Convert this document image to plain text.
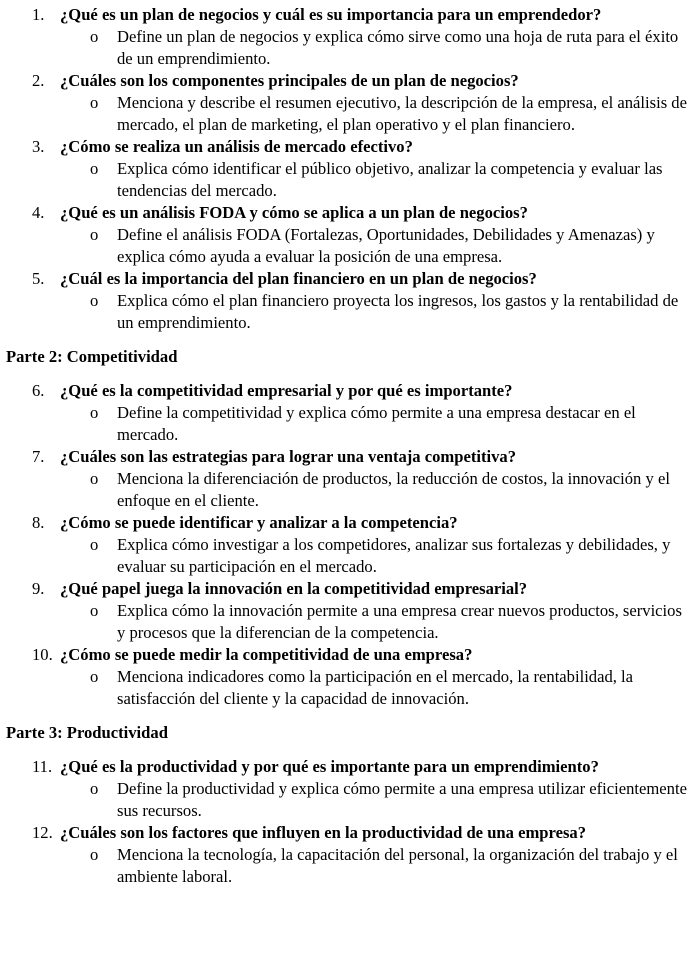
1. ¿Qué es un plan de negocios y cuál es su importancia para un emprendedor?
o Define un plan de negocios y explica cómo sirve como una hoja de ruta para el éxito de un emprendimiento.
2. ¿Cuáles son los componentes principales de un plan de negocios?
o Menciona y describe el resumen ejecutivo, la descripción de la empresa, el análisis de mercado, el plan de marketing, el plan operativo y el plan financiero.
3. ¿Cómo se realiza un análisis de mercado efectivo?
o Explica cómo identificar el público objetivo, analizar la competencia y evaluar las tendencias del mercado.
4. ¿Qué es un análisis FODA y cómo se aplica a un plan de negocios?
o Define el análisis FODA (Fortalezas, Oportunidades, Debilidades y Amenazas) y explica cómo ayuda a evaluar la posición de una empresa.
5. ¿Cuál es la importancia del plan financiero en un plan de negocios?
o Explica cómo el plan financiero proyecta los ingresos, los gastos y la rentabilidad de un emprendimiento.
Parte 2: Competitividad
6. ¿Qué es la competitividad empresarial y por qué es importante?
o Define la competitividad y explica cómo permite a una empresa destacar en el mercado.
7. ¿Cuáles son las estrategias para lograr una ventaja competitiva?
o Menciona la diferenciación de productos, la reducción de costos, la innovación y el enfoque en el cliente.
8. ¿Cómo se puede identificar y analizar a la competencia?
o Explica cómo investigar a los competidores, analizar sus fortalezas y debilidades, y evaluar su participación en el mercado.
9. ¿Qué papel juega la innovación en la competitividad empresarial?
o Explica cómo la innovación permite a una empresa crear nuevos productos, servicios y procesos que la diferencian de la competencia.
10. ¿Cómo se puede medir la competitividad de una empresa?
o Menciona indicadores como la participación en el mercado, la rentabilidad, la satisfacción del cliente y la capacidad de innovación.
Parte 3: Productividad
11. ¿Qué es la productividad y por qué es importante para un emprendimiento?
o Define la productividad y explica cómo permite a una empresa utilizar eficientemente sus recursos.
12. ¿Cuáles son los factores que influyen en la productividad de una empresa?
o Menciona la tecnología, la capacitación del personal, la organización del trabajo y el ambiente laboral.
